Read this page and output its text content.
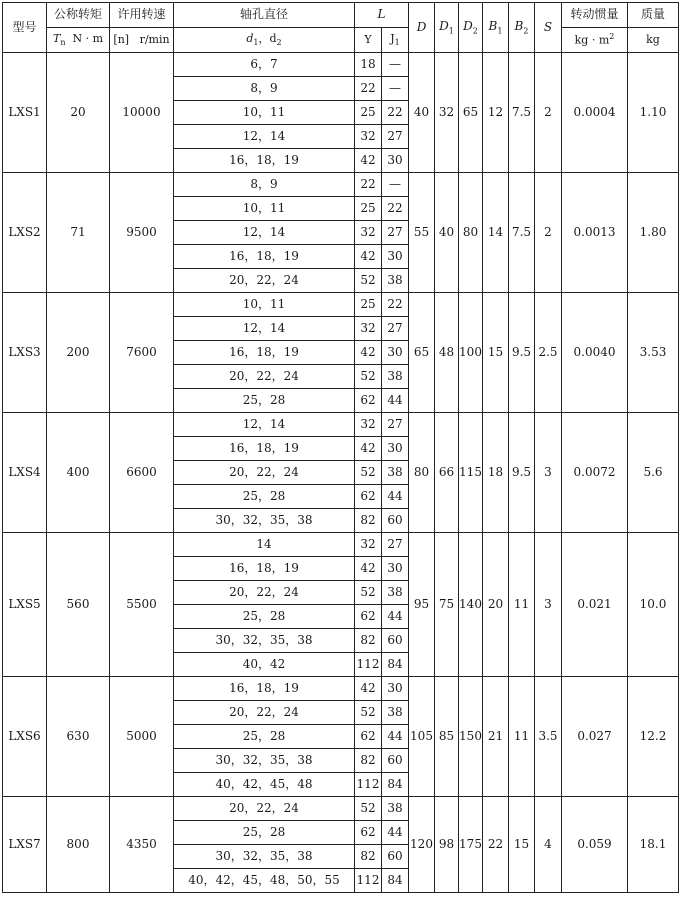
型号	公称转矩	许用转速	轴孔直径	L		D	$D_1$	$D_2$	$B_1$	$B_2$	S	转动惯量	质量
	$T_n$ N · m	[n] r/min	$d_1$，$d_2$	Y	$J_1$							kg · $m^2$	kg
LXS1	20	10000	6，7	18	—	40	32	65	12	7.5	2	0.0004	1.10
			8，9	22	—								
			10，11	25	22								
			12，14	32	27								
			16，18，19	42	30								
LXS2	71	9500	8，9	22	—	55	40	80	14	7.5	2	0.0013	1.80
			10，11	25	22								
			12，14	32	27								
			16，18，19	42	30								
			20，22，24	52	38								
LXS3	200	7600	10，11	25	22	65	48	100	15	9.5	2.5	0.0040	3.53
			12，14	32	27								
			16，18，19	42	30								
			20，22，24	52	38								
			25，28	62	44								
LXS4	400	6600	12，14	32	27	80	66	115	18	9.5	3	0.0072	5.6
			16，18，19	42	30								
			20，22，24	52	38								
			25，28	62	44								
			30，32，35，38	82	60								
LXS5	560	5500	14	32	27	95	75	140	20	11	3	0.021	10.0
			16，18，19	42	30								
			20，22，24	52	38								
			25，28	62	44								
			30，32，35，38	82	60								
			40，42	112	84								
LXS6	630	5000	16，18，19	42	30	105	85	150	21	11	3.5	0.027	12.2
			20，22，24	52	38								
			25，28	62	44								
			30，32，35，38	82	60								
			40，42，45，48	112	84								
LXS7	800	4350	20，22，24	52	38	120	98	175	22	15	4	0.059	18.1
			25，28	62	44								
			30，32，35，38	82	60								
			40，42，45，48，50，55	112	84								
